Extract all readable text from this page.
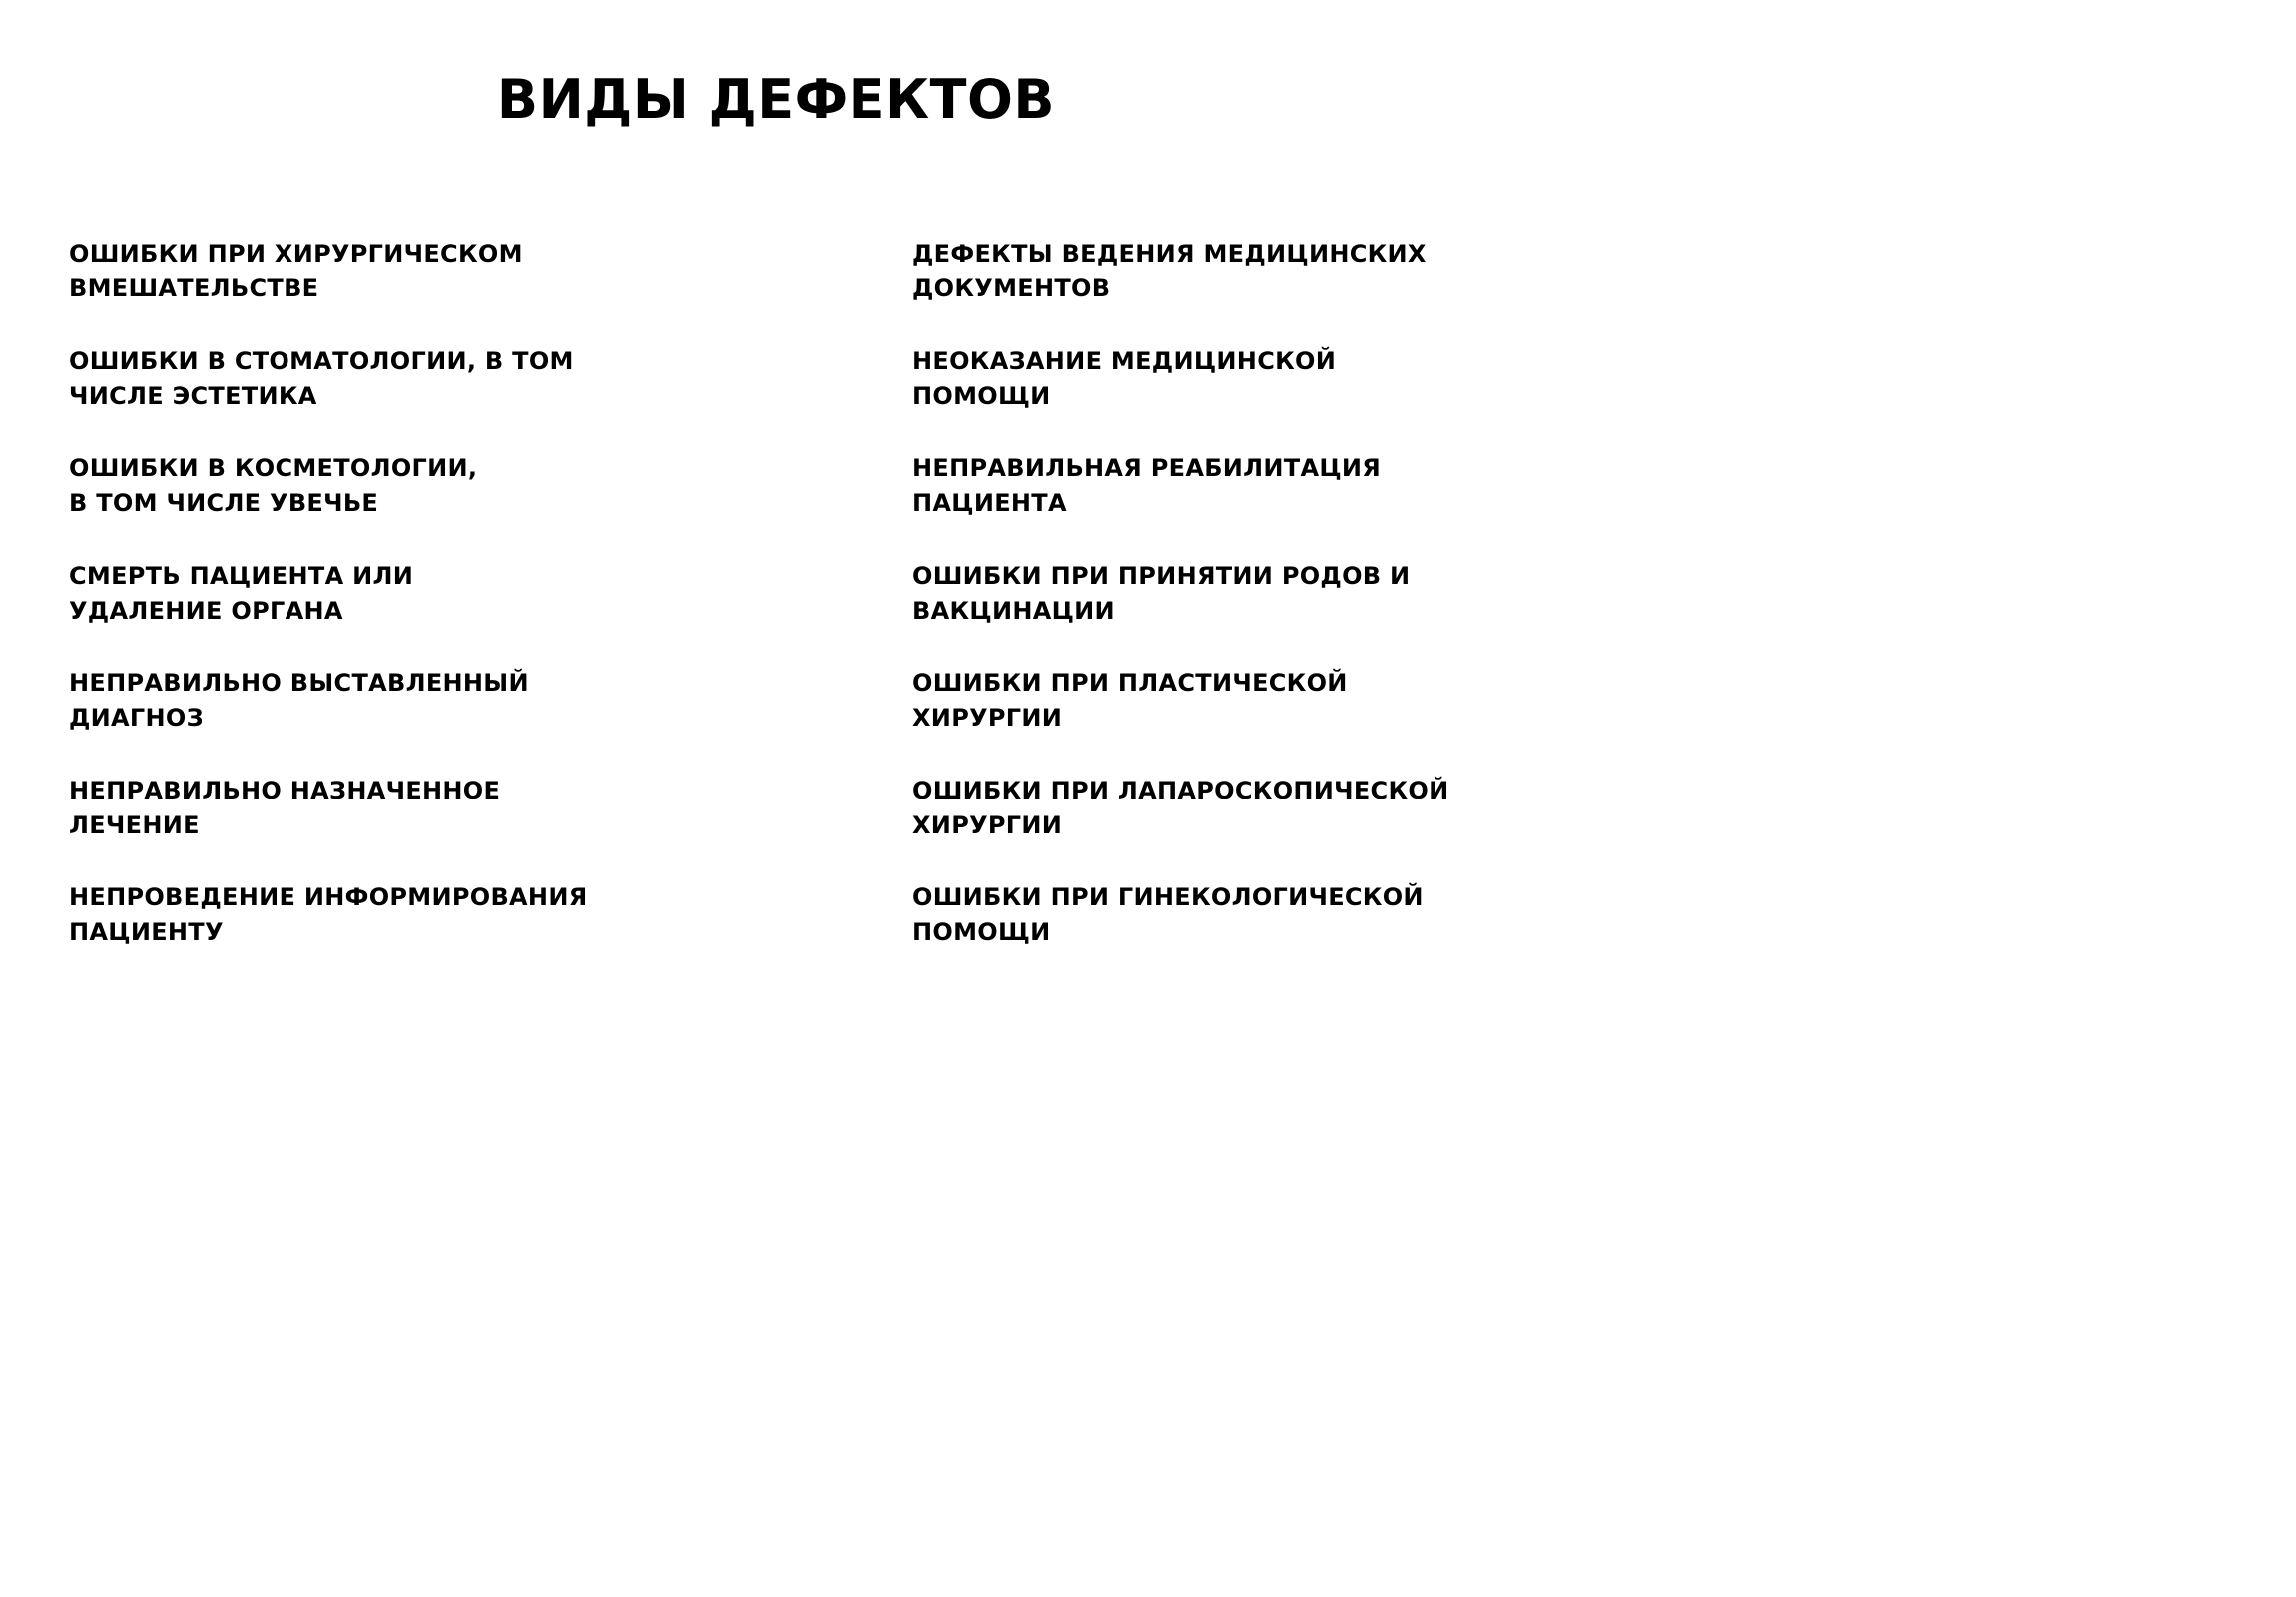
ВИДЫ ДЕФЕКТОВ
ОШИБКИ ПРИ ХИРУРГИЧЕСКОМ
ВМЕШАТЕЛЬСТВЕ
ОШИБКИ В СТОМАТОЛОГИИ, В ТОМ
ЧИСЛЕ ЭСТЕТИКА
ОШИБКИ В КОСМЕТОЛОГИИ,
В ТОМ ЧИСЛЕ УВЕЧЬЕ
СМЕРТЬ ПАЦИЕНТА ИЛИ
УДАЛЕНИЕ ОРГАНА
НЕПРАВИЛЬНО ВЫСТАВЛЕННЫЙ
ДИАГНОЗ
НЕПРАВИЛЬНО НАЗНАЧЕННОЕ
ЛЕЧЕНИЕ
НЕПРОВЕДЕНИЕ ИНФОРМИРОВАНИЯ
ПАЦИЕНТУ
ДЕФЕКТЫ ВЕДЕНИЯ МЕДИЦИНСКИХ
ДОКУМЕНТОВ
НЕОКАЗАНИЕ МЕДИЦИНСКОЙ
ПОМОЩИ
НЕПРАВИЛЬНАЯ РЕАБИЛИТАЦИЯ
ПАЦИЕНТА
ОШИБКИ ПРИ ПРИНЯТИИ РОДОВ И
ВАКЦИНАЦИИ
ОШИБКИ ПРИ ПЛАСТИЧЕСКОЙ
ХИРУРГИИ
ОШИБКИ ПРИ ЛАПАРОСКОПИЧЕСКОЙ
ХИРУРГИИ
ОШИБКИ ПРИ ГИНЕКОЛОГИЧЕСКОЙ
ПОМОЩИ
